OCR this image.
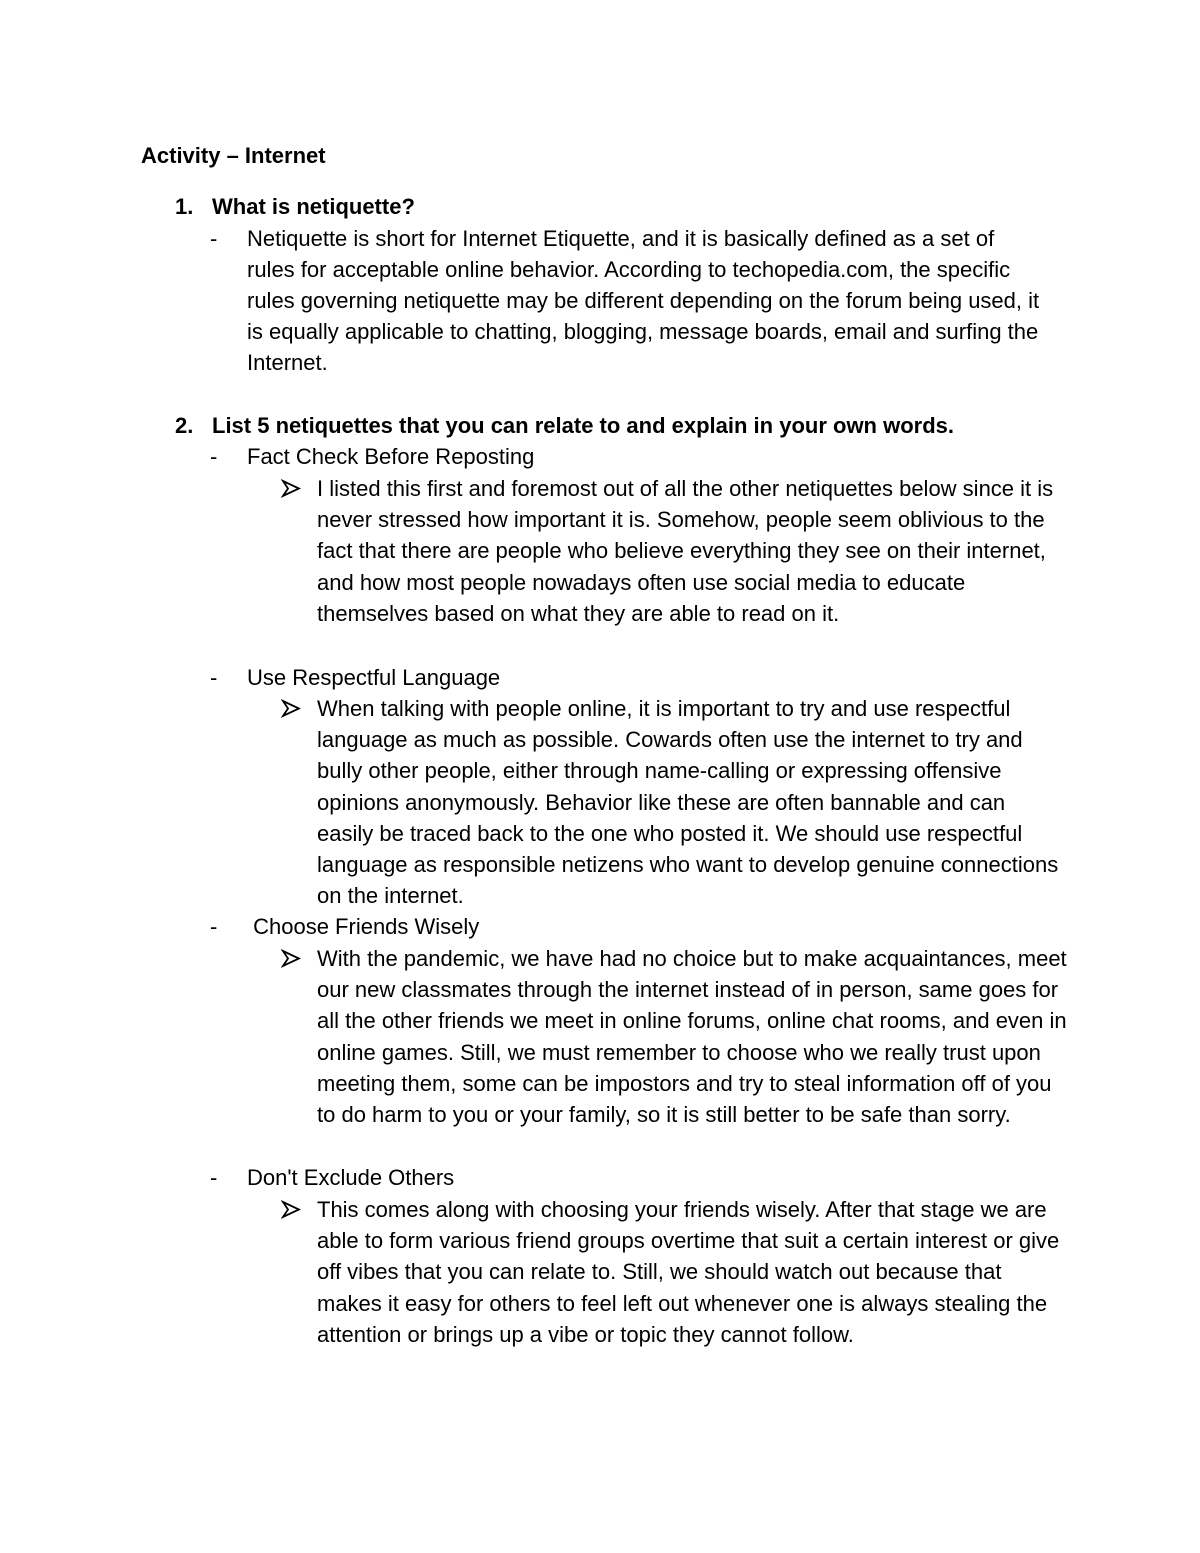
Activity – Internet
1. What is netiquette?
- Netiquette is short for Internet Etiquette, and it is basically defined as a set of rules for acceptable online behavior. According to techopedia.com, the specific rules governing netiquette may be different depending on the forum being used, it is equally applicable to chatting, blogging, message boards, email and surfing the Internet.
2. List 5 netiquettes that you can relate to and explain in your own words.
- Fact Check Before Reposting
I listed this first and foremost out of all the other netiquettes below since it is never stressed how important it is. Somehow, people seem oblivious to the fact that there are people who believe everything they see on their internet, and how most people nowadays often use social media to educate themselves based on what they are able to read on it.
- Use Respectful Language
When talking with people online, it is important to try and use respectful language as much as possible. Cowards often use the internet to try and bully other people, either through name-calling or expressing offensive opinions anonymously. Behavior like these are often bannable and can easily be traced back to the one who posted it. We should use respectful language as responsible netizens who want to develop genuine connections on the internet.
- Choose Friends Wisely
With the pandemic, we have had no choice but to make acquaintances, meet our new classmates through the internet instead of in person, same goes for all the other friends we meet in online forums, online chat rooms, and even in online games. Still, we must remember to choose who we really trust upon meeting them, some can be impostors and try to steal information off of you to do harm to you or your family, so it is still better to be safe than sorry.
- Don't Exclude Others
This comes along with choosing your friends wisely. After that stage we are able to form various friend groups overtime that suit a certain interest or give off vibes that you can relate to. Still, we should watch out because that makes it easy for others to feel left out whenever one is always stealing the attention or brings up a vibe or topic they cannot follow.
